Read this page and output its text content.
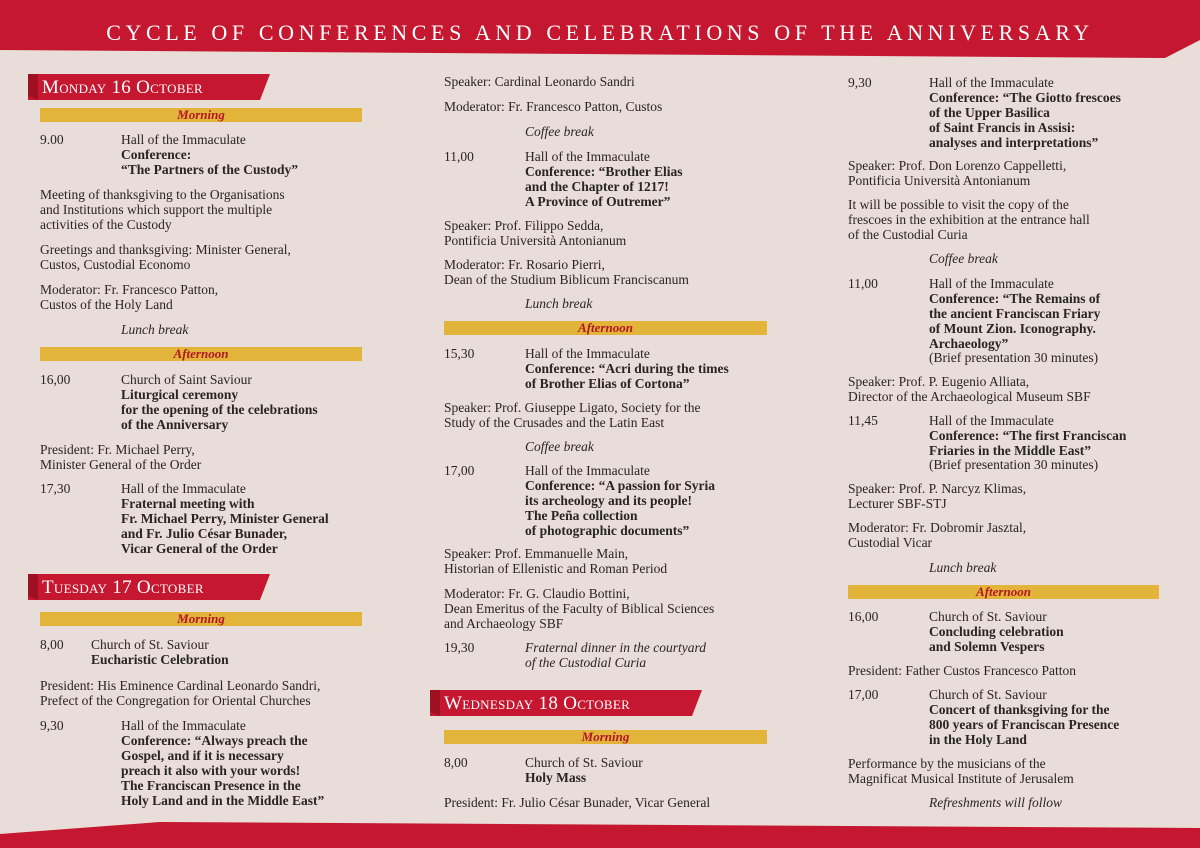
CYCLE OF CONFERENCES AND CELEBRATIONS OF THE ANNIVERSARY
Monday 16 October
Morning
9.00	Hall of the Immaculate
Conference:
“The Partners of the Custody”
Meeting of thanksgiving to the Organisations
and Institutions which support the multiple
activities of the Custody
Greetings and thanksgiving: Minister General,
Custos, Custodial Economo
Moderator: Fr. Francesco Patton,
Custos of the Holy Land
Lunch break
Afternoon
16,00	Church of Saint Saviour
Liturgical ceremony
for the opening of the celebrations
of the Anniversary
President: Fr. Michael Perry,
Minister General of the Order
17,30	Hall of the Immaculate
Fraternal meeting with
Fr. Michael Perry, Minister General
and Fr. Julio César Bunader,
Vicar General of the Order
Tuesday 17 October
Morning
8,00 Church of St. Saviour
Eucharistic Celebration
President: His Eminence Cardinal Leonardo Sandri,
Prefect of the Congregation for Oriental Churches
9,30	Hall of the Immaculate
Conference: “Always preach the
Gospel, and if it is necessary
preach it also with your words!
The Franciscan Presence in the
Holy Land and in the Middle East”
Speaker: Cardinal Leonardo Sandri
Moderator: Fr. Francesco Patton, Custos
Coffee break
11,00	Hall of the Immaculate
Conference: “Brother Elias
and the Chapter of 1217!
A Province of Outremer”
Speaker: Prof. Filippo Sedda,
Pontificia Università Antonianum
Moderator: Fr. Rosario Pierri,
Dean of the Studium Biblicum Franciscanum
Lunch break
Afternoon
15,30	Hall of the Immaculate
Conference: “Acri during the times
of Brother Elias of Cortona”
Speaker: Prof. Giuseppe Ligato, Society for the
Study of the Crusades and the Latin East
Coffee break
17,00	Hall of the Immaculate
Conference: “A passion for Syria
its archeology and its people!
The Peña collection
of photographic documents”
Speaker: Prof. Emmanuelle Main,
Historian of Ellenistic and Roman Period
Moderator: Fr. G. Claudio Bottini,
Dean Emeritus of the Faculty of Biblical Sciences
and Archaeology SBF
19,30	Fraternal dinner in the courtyard
of the Custodial Curia
Wednesday 18 October
Morning
8,00	Church of St. Saviour
Holy Mass
President: Fr. Julio César Bunader, Vicar General
9,30	Hall of the Immaculate
Conference: “The Giotto frescoes
of the Upper Basilica
of Saint Francis in Assisi:
analyses and interpretations”
Speaker: Prof. Don Lorenzo Cappelletti,
Pontificia Università Antonianum
It will be possible to visit the copy of the
frescoes in the exhibition at the entrance hall
of the Custodial Curia
Coffee break
11,00	Hall of the Immaculate
Conference: “The Remains of
the ancient Franciscan Friary
of Mount Zion. Iconography.
Archaeology”
(Brief presentation 30 minutes)
Speaker: Prof. P. Eugenio Alliata,
Director of the Archaeological Museum SBF
11,45	Hall of the Immaculate
Conference: “The first Franciscan
Friaries in the Middle East”
(Brief presentation 30 minutes)
Speaker: Prof. P. Narcyz Klimas,
Lecturer SBF-STJ
Moderator: Fr. Dobromir Jasztal,
Custodial Vicar
Lunch break
Afternoon
16,00	Church of St. Saviour
Concluding celebration
and Solemn Vespers
President: Father Custos Francesco Patton
17,00	Church of St. Saviour
Concert of thanksgiving for the
800 years of Franciscan Presence
in the Holy Land
Performance by the musicians of the
Magnificat Musical Institute of Jerusalem
Refreshments will follow
